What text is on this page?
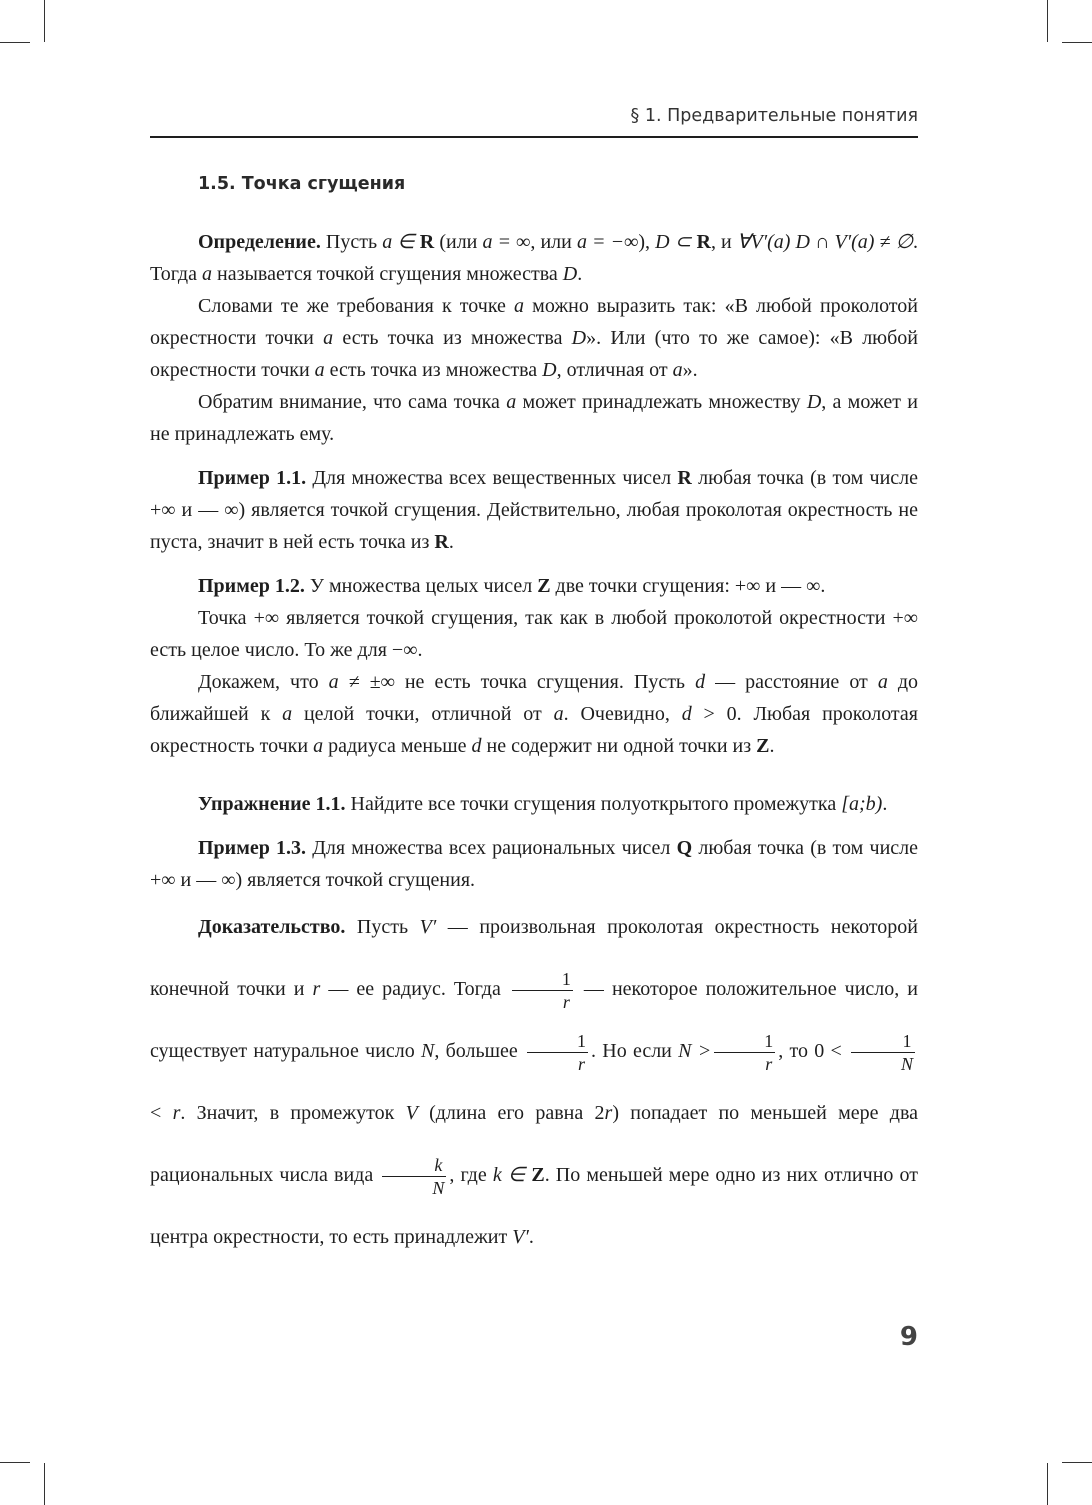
§ 1. Предварительные понятия
1.5. Точка сгущения

Определение. Пусть a ∈ R (или a = ∞, или a = −∞), D ⊂ R, и ∀V′(a) D ∩ V′(a) ≠ ∅. Тогда a называется точкой сгущения множества D.

Словами те же требования к точке a можно выразить так: «В любой проколотой окрестности точки a есть точка из множества D». Или (что то же самое): «В любой окрестности точки a есть точка из множества D, отличная от a».

Обратим внимание, что сама точка a может принадлежать множеству D, а может и не принадлежать ему.

Пример 1.1. Для множества всех вещественных чисел R любая точка (в том числе +∞ и — ∞) является точкой сгущения. Действительно, любая проколотая окрестность не пуста, значит в ней есть точка из R.

Пример 1.2. У множества целых чисел Z две точки сгущения: +∞ и — ∞.

Точка +∞ является точкой сгущения, так как в любой проколотой окрестности +∞ есть целое число. То же для −∞.

Докажем, что a ≠ ±∞ не есть точка сгущения. Пусть d — расстояние от a до ближайшей к a целой точки, отличной от a. Очевидно, d > 0. Любая проколотая окрестность точки a радиуса меньше d не содержит ни одной точки из Z.

Упражнение 1.1. Найдите все точки сгущения полуоткрытого промежутка [a;b).

Пример 1.3. Для множества всех рациональных чисел Q любая точка (в том числе +∞ и — ∞) является точкой сгущения.

Доказательство. Пусть V′ — произвольная проколотая окрестность некоторой конечной точки и r — ее радиус. Тогда $\frac{1}{r}$ — некоторое положительное число, и существует натуральное число N, большее $\frac{1}{r}$ . Но если $N > \frac{1}{r}$ , то $0 < \frac{1}{N}$
< r. Значит, в промежуток V (длина его равна 2r) попадает по меньшей мере два рациональных числа вида $\frac{k}{N}$ , где k ∈ Z. По меньшей мере одно из них отлично от центра окрестности, то есть принадлежит V′.

9
